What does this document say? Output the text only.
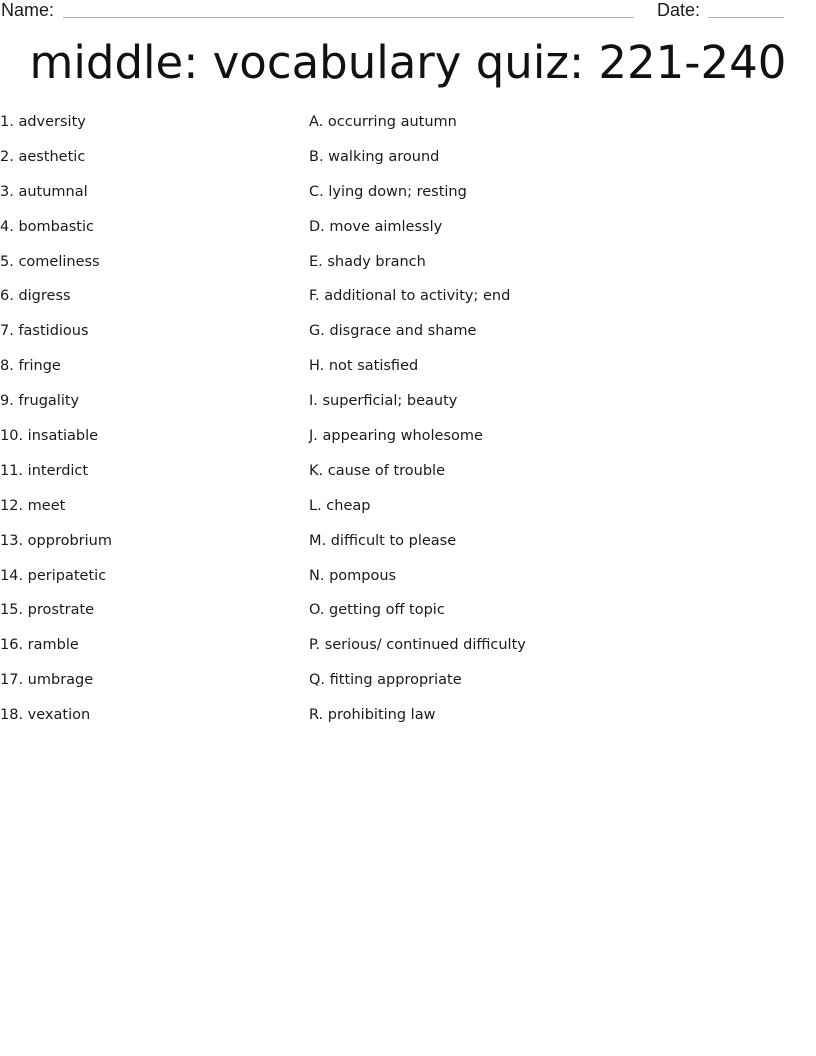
Name:	Date:
middle: vocabulary quiz: 221-240
1. adversity
2. aesthetic
3. autumnal
4. bombastic
5. comeliness
6. digress
7. fastidious
8. fringe
9. frugality
10. insatiable
11. interdict
12. meet
13. opprobrium
14. peripatetic
15. prostrate
16. ramble
17. umbrage
18. vexation
A. occurring autumn
B. walking around
C. lying down; resting
D. move aimlessly
E. shady branch
F. additional to activity; end
G. disgrace and shame
H. not satisfied
I. superficial; beauty
J. appearing wholesome
K. cause of trouble
L. cheap
M. difficult to please
N. pompous
O. getting off topic
P. serious/ continued difficulty
Q. fitting appropriate
R. prohibiting law
